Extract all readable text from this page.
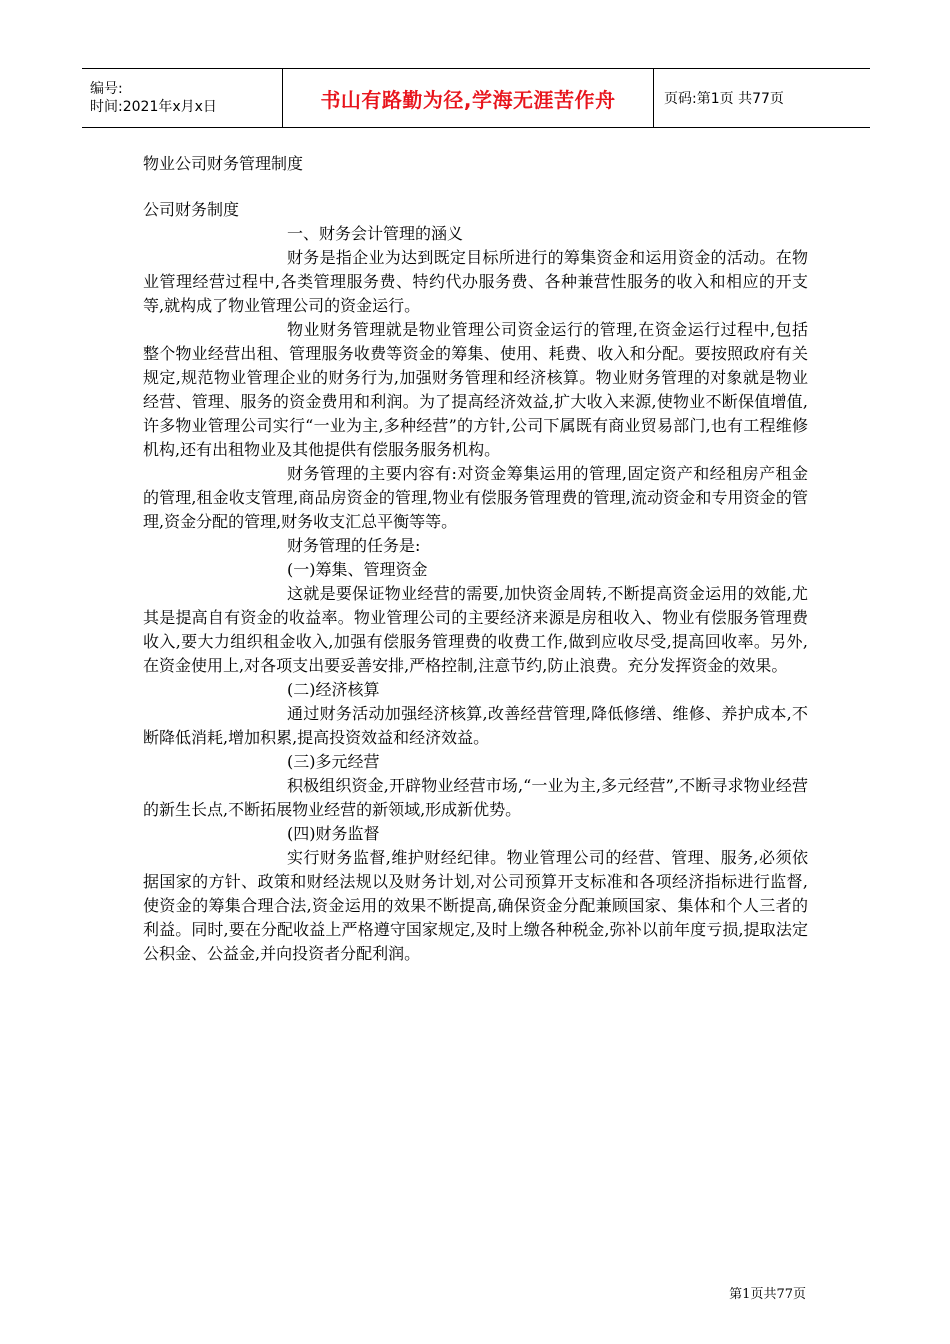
编号:
时间:2021年x月x日	书山有路勤为径,学海无涯苦作舟	页码:第1页 共77页

物业公司财务管理制度

公司财务制度

一、财务会计管理的涵义

财务是指企业为达到既定目标所进行的筹集资金和运用资金的活动。在物业管理经营过程中,各类管理服务费、特约代办服务费、各种兼营性服务的收入和相应的开支等,就构成了物业管理公司的资金运行。

物业财务管理就是物业管理公司资金运行的管理,在资金运行过程中,包括整个物业经营出租、管理服务收费等资金的筹集、使用、耗费、收入和分配。要按照政府有关规定,规范物业管理企业的财务行为,加强财务管理和经济核算。物业财务管理的对象就是物业经营、管理、服务的资金费用和利润。为了提高经济效益,扩大收入来源,使物业不断保值增值,许多物业管理公司实行“一业为主,多种经营”的方针,公司下属既有商业贸易部门,也有工程维修机构,还有出租物业及其他提供有偿服务服务机构。

财务管理的主要内容有:对资金筹集运用的管理,固定资产和经租房产租金的管理,租金收支管理,商品房资金的管理,物业有偿服务管理费的管理,流动资金和专用资金的管理,资金分配的管理,财务收支汇总平衡等等。

财务管理的任务是:

(一)筹集、管理资金

这就是要保证物业经营的需要,加快资金周转,不断提高资金运用的效能,尤其是提高自有资金的收益率。物业管理公司的主要经济来源是房租收入、物业有偿服务管理费收入,要大力组织租金收入,加强有偿服务管理费的收费工作,做到应收尽受,提高回收率。另外,在资金使用上,对各项支出要妥善安排,严格控制,注意节约,防止浪费。充分发挥资金的效果。

(二)经济核算

通过财务活动加强经济核算,改善经营管理,降低修缮、维修、养护成本,不断降低消耗,增加积累,提高投资效益和经济效益。

(三)多元经营

积极组织资金,开辟物业经营市场,“一业为主,多元经营”,不断寻求物业经营的新生长点,不断拓展物业经营的新领域,形成新优势。

(四)财务监督

实行财务监督,维护财经纪律。物业管理公司的经营、管理、服务,必须依据国家的方针、政策和财经法规以及财务计划,对公司预算开支标准和各项经济指标进行监督,使资金的筹集合理合法,资金运用的效果不断提高,确保资金分配兼顾国家、集体和个人三者的利益。同时,要在分配收益上严格遵守国家规定,及时上缴各种税金,弥补以前年度亏损,提取法定公积金、公益金,并向投资者分配利润。

第1页共77页
